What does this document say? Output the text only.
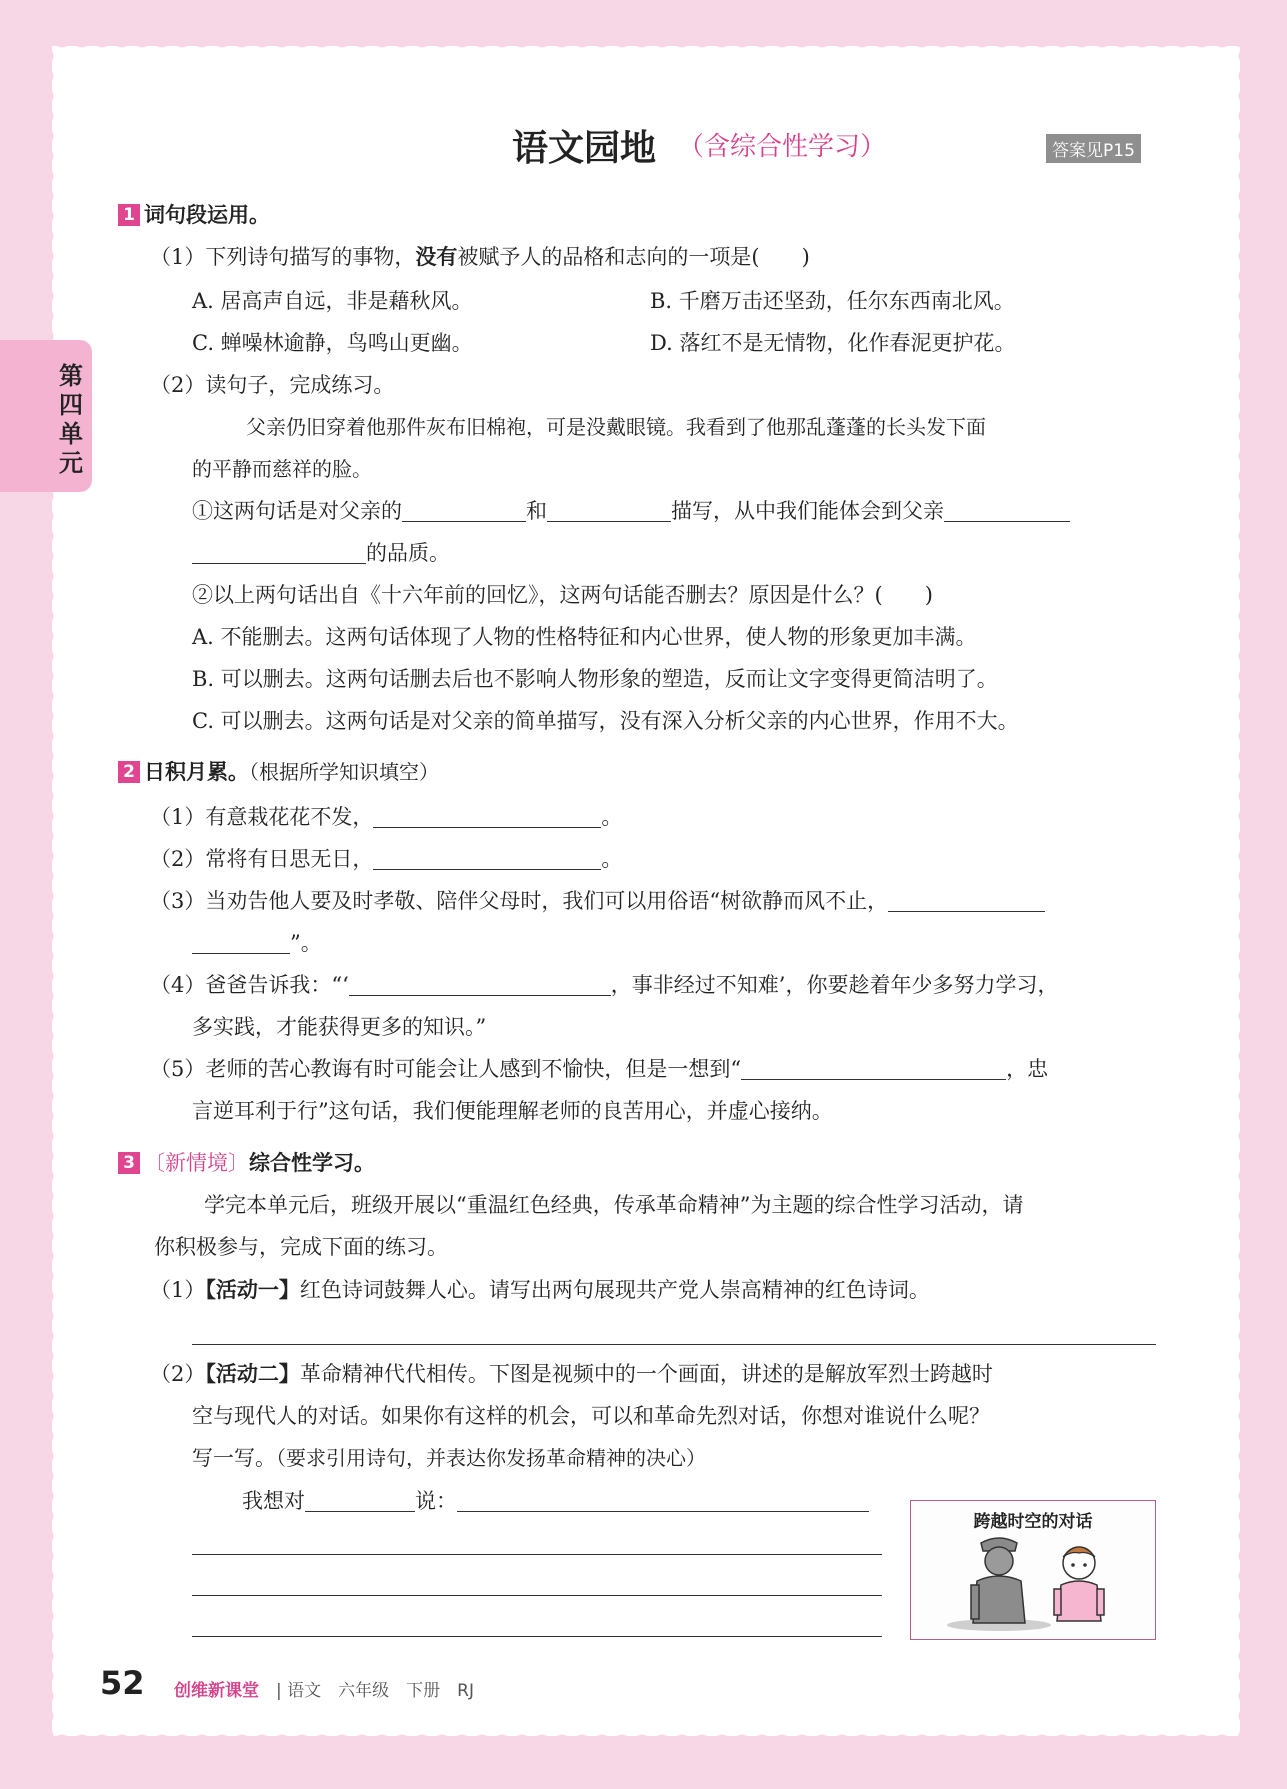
语文园地 （含综合性学习）	答案见P15
第四单元
1 词句段运用。
（1）下列诗句描写的事物，没有被赋予人的品格和志向的一项是(　　)
A. 居高声自远，非是藉秋风。	B. 千磨万击还坚劲，任尔东西南北风。
C. 蝉噪林逾静，鸟鸣山更幽。	D. 落红不是无情物，化作春泥更护花。
（2）读句子，完成练习。
父亲仍旧穿着他那件灰布旧棉袍，可是没戴眼镜。我看到了他那乱蓬蓬的长头发下面
的平静而慈祥的脸。
①这两句话是对父亲的	和	描写，从中我们能体会到父亲
的品质。
②以上两句话出自《十六年前的回忆》，这两句话能否删去？原因是什么？(　　)
A. 不能删去。这两句话体现了人物的性格特征和内心世界，使人物的形象更加丰满。
B. 可以删去。这两句话删去后也不影响人物形象的塑造，反而让文字变得更简洁明了。
C. 可以删去。这两句话是对父亲的简单描写，没有深入分析父亲的内心世界，作用不大。
2 日积月累。（根据所学知识填空）
（1）有意栽花花不发，	。
（2）常将有日思无日，	。
（3）当劝告他人要及时孝敬、陪伴父母时，我们可以用俗语“树欲静而风不止，
”。
（4）爸爸告诉我：“‘	，事非经过不知难’，你要趁着年少多努力学习，
多实践，才能获得更多的知识。”
（5）老师的苦心教诲有时可能会让人感到不愉快，但是一想到“	，忠
言逆耳利于行”这句话，我们便能理解老师的良苦用心，并虚心接纳。
3 〔新情境〕综合性学习。
学完本单元后，班级开展以“重温红色经典，传承革命精神”为主题的综合性学习活动，请
你积极参与，完成下面的练习。
（1）【活动一】红色诗词鼓舞人心。请写出两句展现共产党人崇高精神的红色诗词。
（2）【活动二】革命精神代代相传。下图是视频中的一个画面，讲述的是解放军烈士跨越时
空与现代人的对话。如果你有这样的机会，可以和革命先烈对话，你想对谁说什么呢？
写一写。（要求引用诗句，并表达你发扬革命精神的决心）
我想对	说：
跨越时空的对话
52 创维新课堂 | 语文　六年级　下册　RJ
